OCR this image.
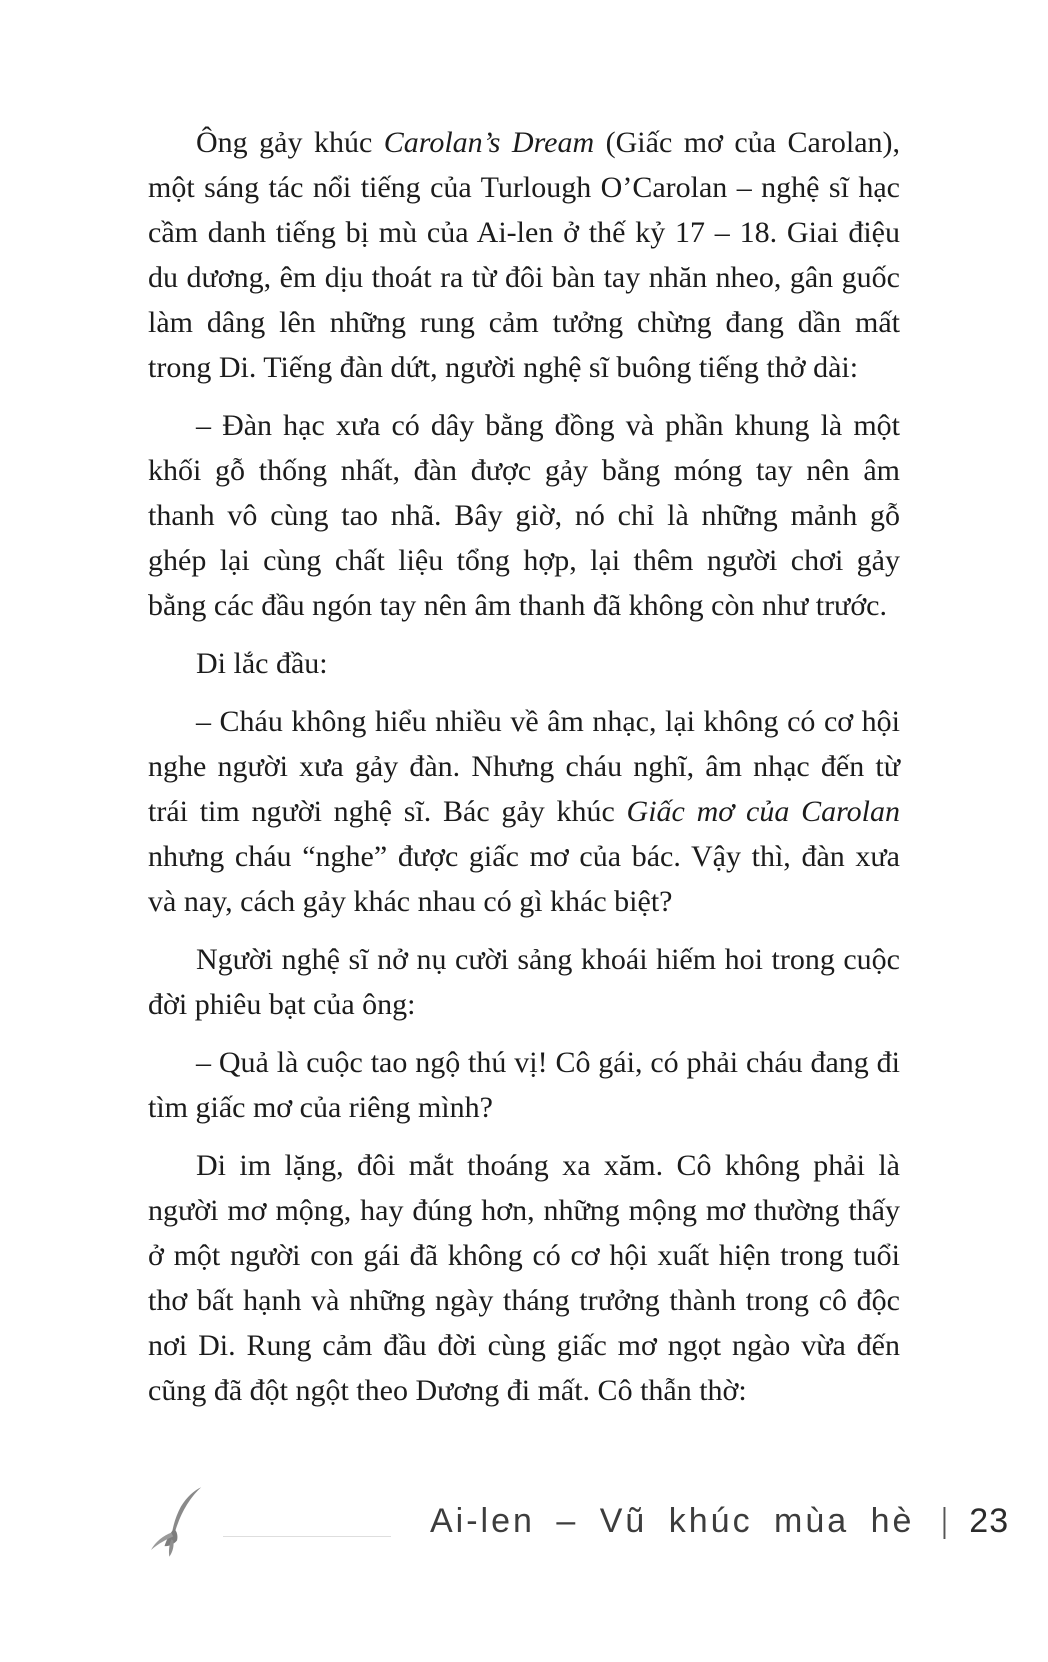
Ông gảy khúc Carolan’s Dream (Giấc mơ của Carolan), một sáng tác nổi tiếng của Turlough O’Carolan – nghệ sĩ hạc cầm danh tiếng bị mù của Ai-len ở thế kỷ 17 – 18. Giai điệu du dương, êm dịu thoát ra từ đôi bàn tay nhăn nheo, gân guốc làm dâng lên những rung cảm tưởng chừng đang dần mất trong Di. Tiếng đàn dứt, người nghệ sĩ buông tiếng thở dài:

– Đàn hạc xưa có dây bằng đồng và phần khung là một khối gỗ thống nhất, đàn được gảy bằng móng tay nên âm thanh vô cùng tao nhã. Bây giờ, nó chỉ là những mảnh gỗ ghép lại cùng chất liệu tổng hợp, lại thêm người chơi gảy bằng các đầu ngón tay nên âm thanh đã không còn như trước.

Di lắc đầu:

– Cháu không hiểu nhiều về âm nhạc, lại không có cơ hội nghe người xưa gảy đàn. Nhưng cháu nghĩ, âm nhạc đến từ trái tim người nghệ sĩ. Bác gảy khúc Giấc mơ của Carolan nhưng cháu “nghe” được giấc mơ của bác. Vậy thì, đàn xưa và nay, cách gảy khác nhau có gì khác biệt?

Người nghệ sĩ nở nụ cười sảng khoái hiếm hoi trong cuộc đời phiêu bạt của ông:

– Quả là cuộc tao ngộ thú vị! Cô gái, có phải cháu đang đi tìm giấc mơ của riêng mình?

Di im lặng, đôi mắt thoáng xa xăm. Cô không phải là người mơ mộng, hay đúng hơn, những mộng mơ thường thấy ở một người con gái đã không có cơ hội xuất hiện trong tuổi thơ bất hạnh và những ngày tháng trưởng thành trong cô độc nơi Di. Rung cảm đầu đời cùng giấc mơ ngọt ngào vừa đến cũng đã đột ngột theo Dương đi mất. Cô thẫn thờ:

Ai-len – Vũ khúc mùa hè | 23
